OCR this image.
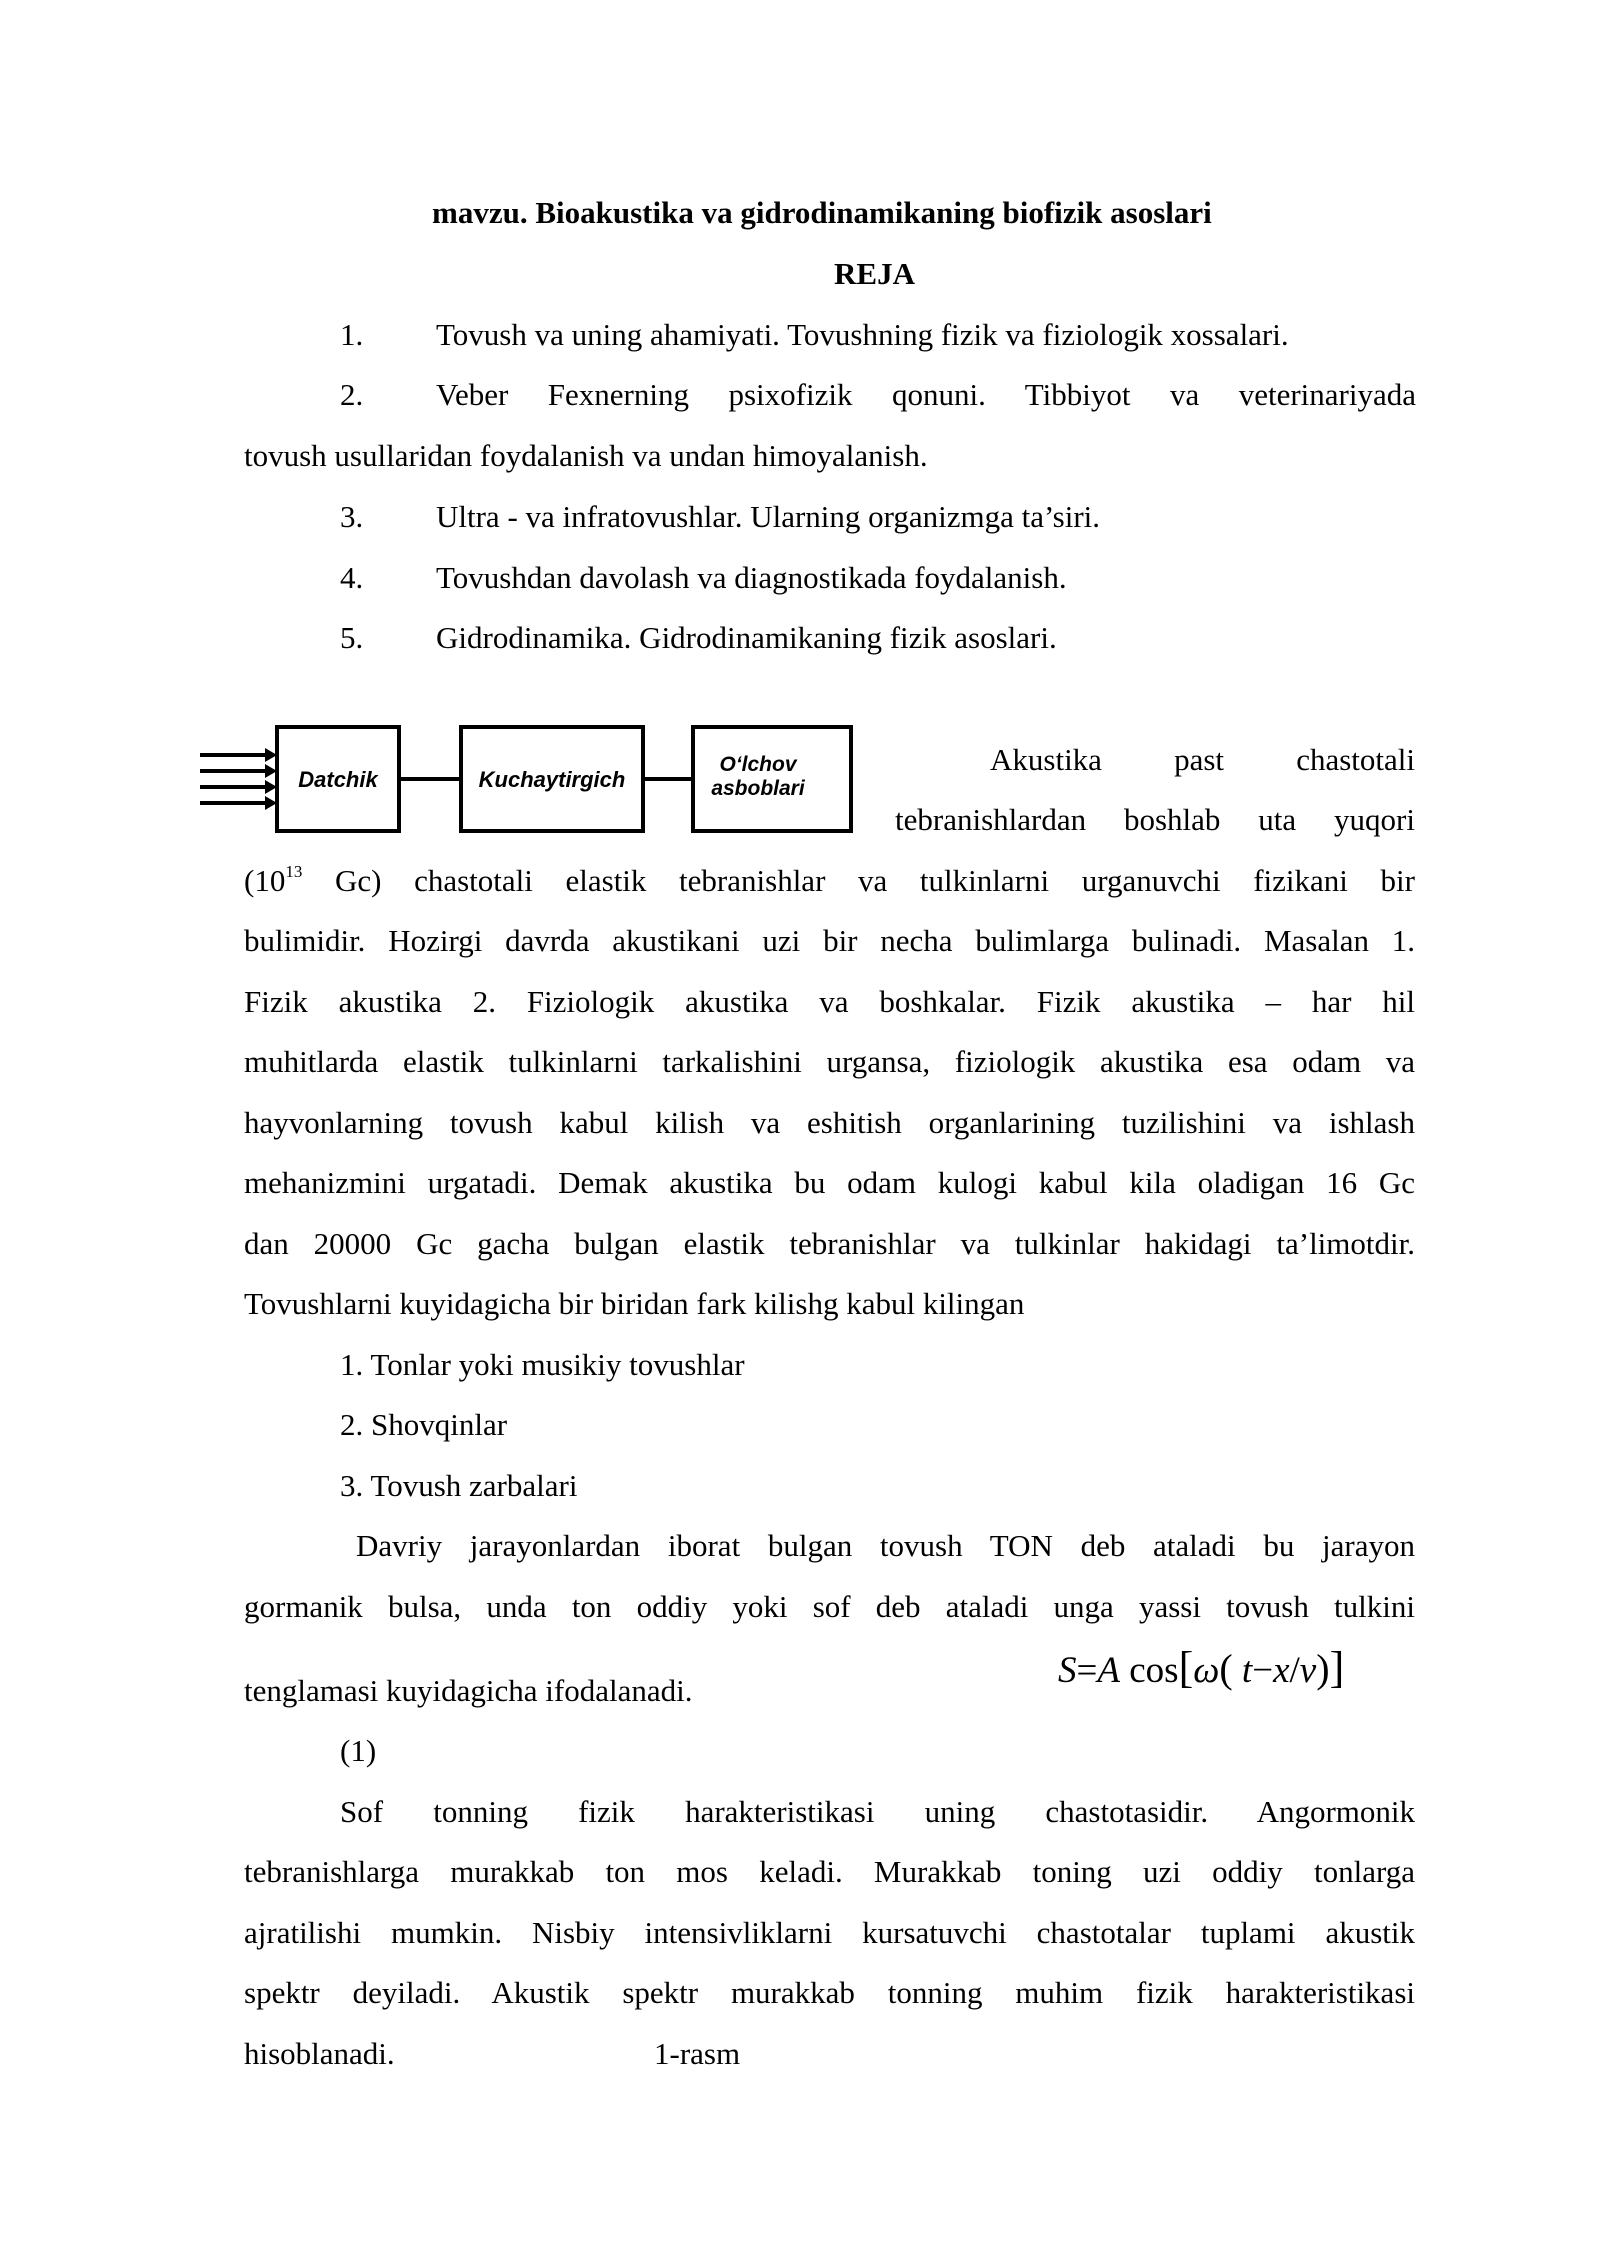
mavzu. Bioakustika va gidrodinamikaning biofizik asoslari
REJA
1. Tovush va uning ahamiyati. Tovushning fizik va fiziologik xossalari.
2. Veber Fexnerning psixofizik qonuni. Tibbiyot va veterinariyada
tovush usullaridan foydalanish va undan himoyalanish.
3. Ultra - va infratovushlar. Ularning organizmga ta’siri.
4. Tovushdan davolash va diagnostikada foydalanish.
5. Gidrodinamika. Gidrodinamikaning fizik asoslari.
Datchik	Kuchaytirgich
O‘lchov
asboblari
Akustika past chastotali
tebranishlardan boshlab uta yuqori
($10^{13}$ Gc) chastotali elastik tebranishlar va tulkinlarni urganuvchi fizikani bir
bulimidir. Hozirgi davrda akustikani uzi bir necha bulimlarga bulinadi. Masalan 1.
Fizik akustika 2. Fiziologik akustika va boshkalar. Fizik akustika – har hil
muhitlarda elastik tulkinlarni tarkalishini urgansa, fiziologik akustika esa odam va
hayvonlarning tovush kabul kilish va eshitish organlarining tuzilishini va ishlash
mehanizmini urgatadi. Demak akustika bu odam kulogi kabul kila oladigan 16 Gc
dan 20000 Gc gacha bulgan elastik tebranishlar va tulkinlar hakidagi ta’limotdir.
Tovushlarni kuyidagicha bir biridan fark kilishg kabul kilingan
1. Tonlar yoki musikiy tovushlar
2. Shovqinlar
3. Tovush zarbalari
Davriy jarayonlardan iborat bulgan tovush TON deb ataladi bu jarayon
gormanik bulsa, unda ton oddiy yoki sof deb ataladi unga yassi tovush tulkini
tenglamasi kuyidagicha ifodalanadi.	S=A cos[ω( t−x/v)]
(1)
Sof tonning fizik harakteristikasi uning chastotasidir. Angormonik
tebranishlarga murakkab ton mos keladi. Murakkab toning uzi oddiy tonlarga
ajratilishi mumkin. Nisbiy intensivliklarni kursatuvchi chastotalar tuplami akustik
spektr deyiladi. Akustik spektr murakkab tonning muhim fizik harakteristikasi
hisoblanadi.	1-rasm
